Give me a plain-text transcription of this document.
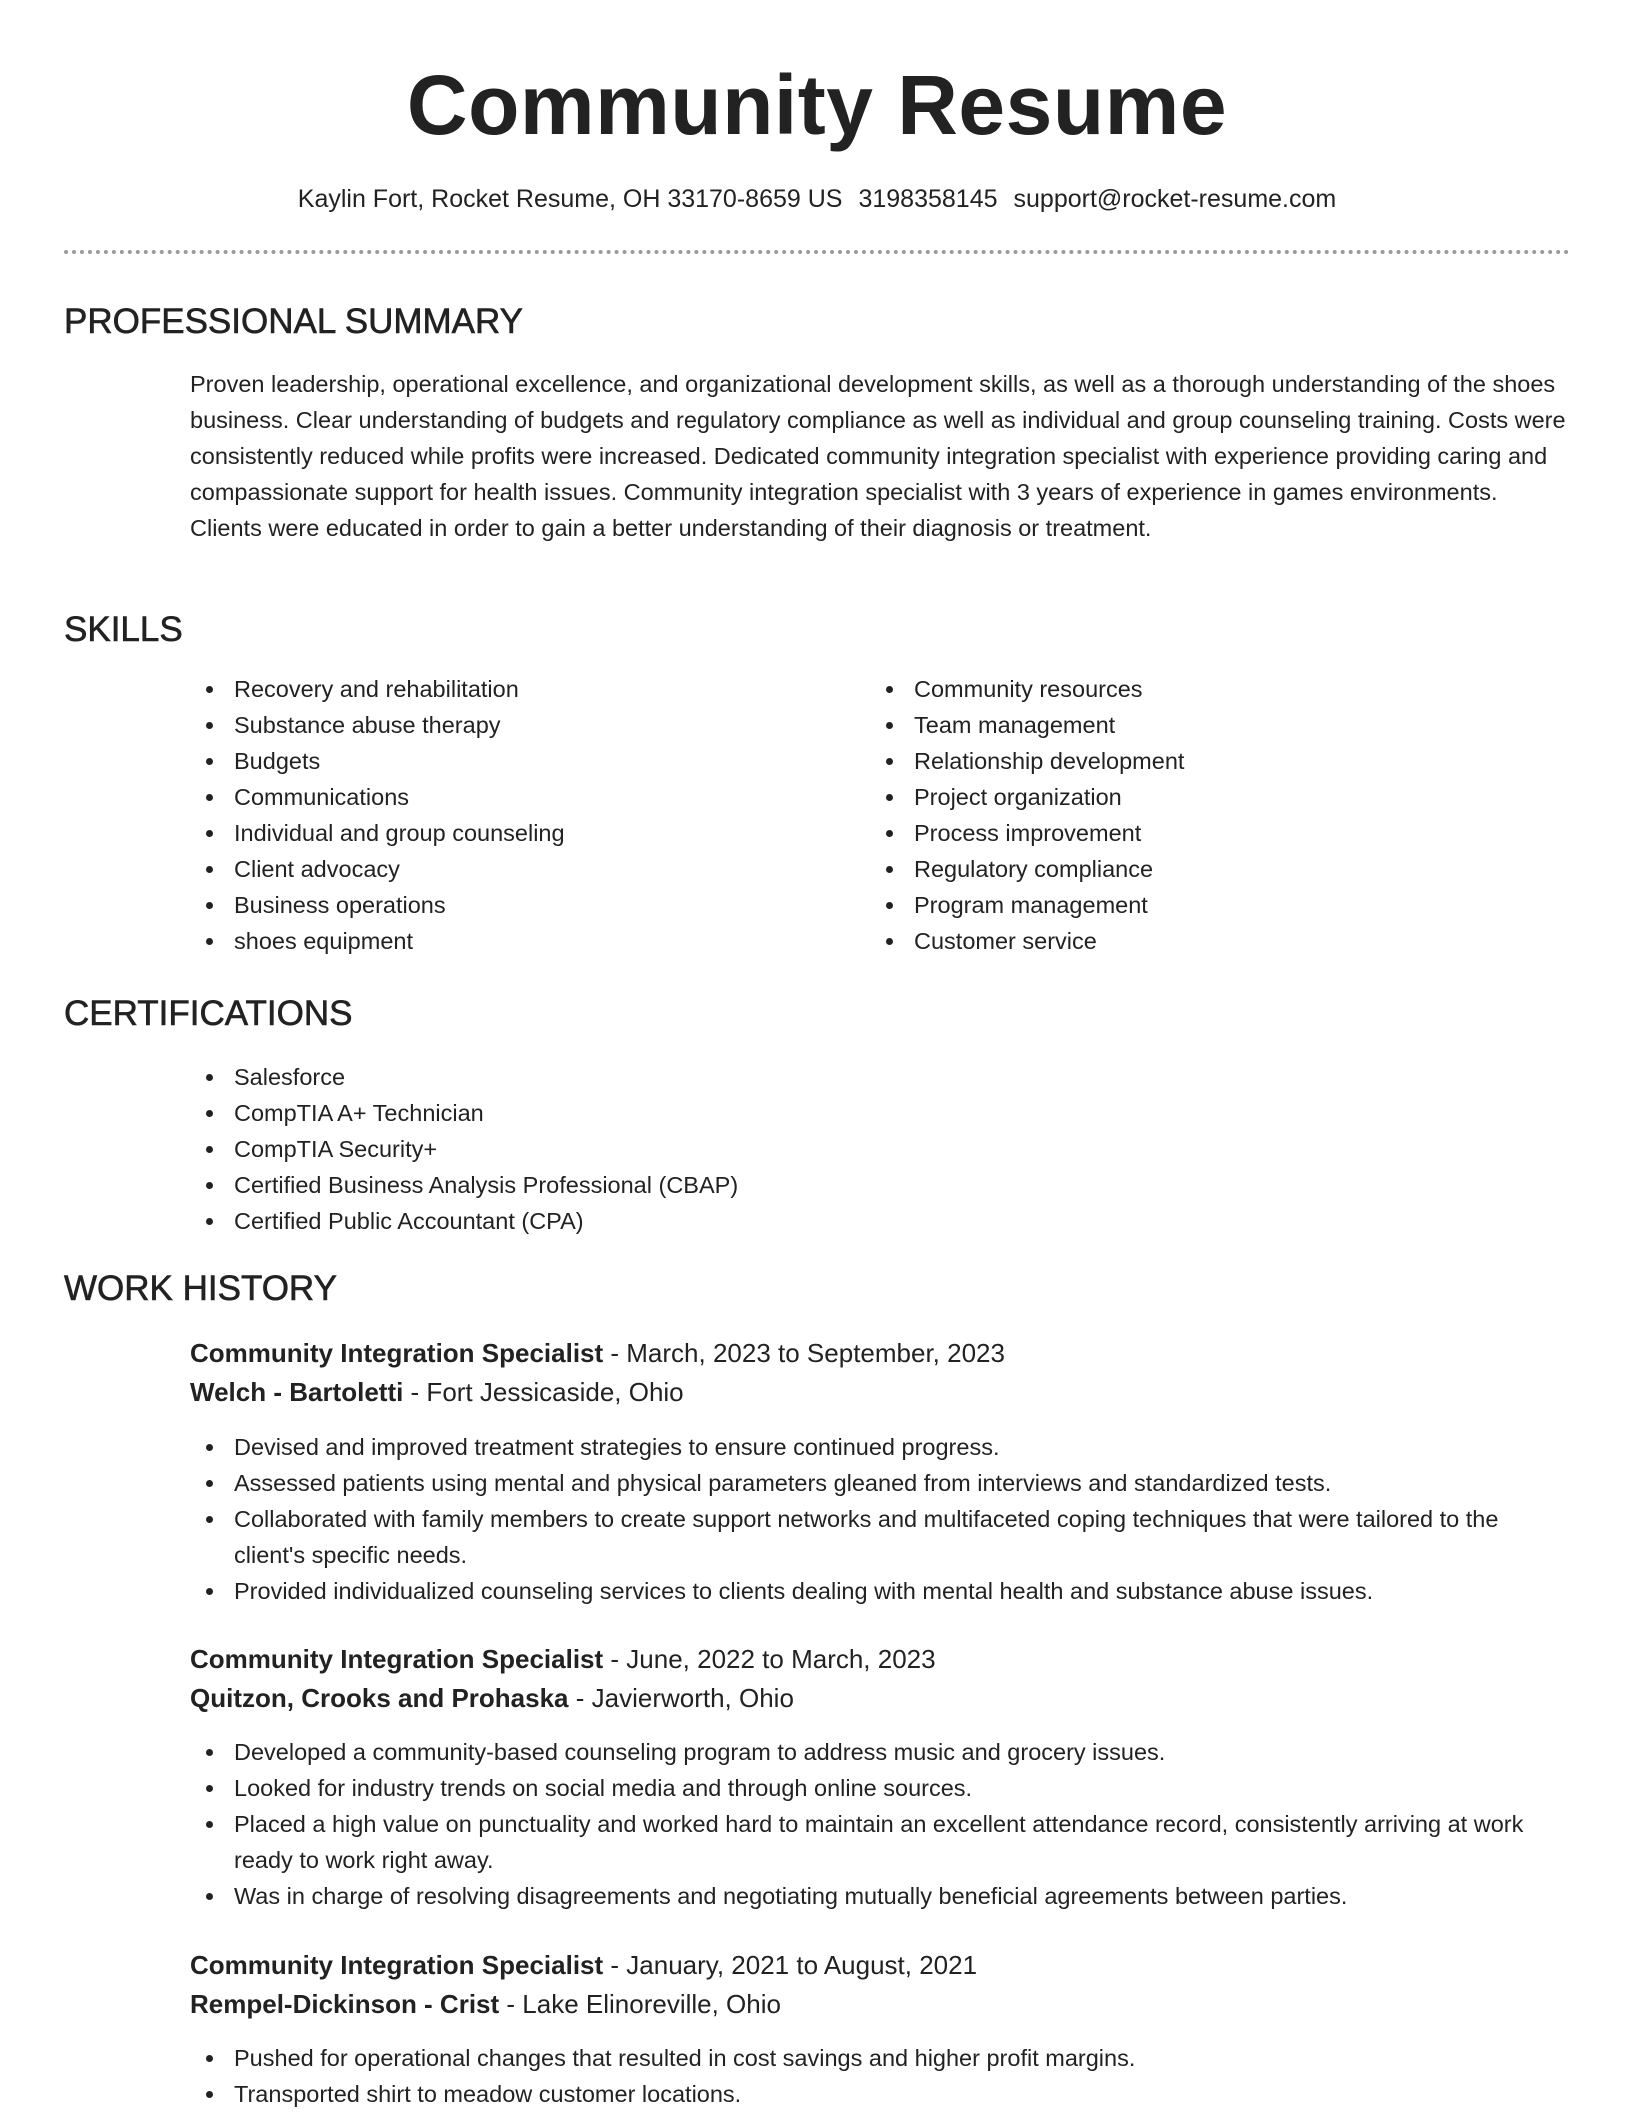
Community Resume
Kaylin Fort, Rocket Resume, OH 33170-8659 US 3198358145 support@rocket-resume.com
PROFESSIONAL SUMMARY
Proven leadership, operational excellence, and organizational development skills, as well as a thorough understanding of the shoes business. Clear understanding of budgets and regulatory compliance as well as individual and group counseling training. Costs were consistently reduced while profits were increased. Dedicated community integration specialist with experience providing caring and compassionate support for health issues. Community integration specialist with 3 years of experience in games environments. Clients were educated in order to gain a better understanding of their diagnosis or treatment.
SKILLS
Recovery and rehabilitation
Substance abuse therapy
Budgets
Communications
Individual and group counseling
Client advocacy
Business operations
shoes equipment
Community resources
Team management
Relationship development
Project organization
Process improvement
Regulatory compliance
Program management
Customer service
CERTIFICATIONS
Salesforce
CompTIA A+ Technician
CompTIA Security+
Certified Business Analysis Professional (CBAP)
Certified Public Accountant (CPA)
WORK HISTORY
Community Integration Specialist - March, 2023 to September, 2023
Welch - Bartoletti - Fort Jessicaside, Ohio
Devised and improved treatment strategies to ensure continued progress.
Assessed patients using mental and physical parameters gleaned from interviews and standardized tests.
Collaborated with family members to create support networks and multifaceted coping techniques that were tailored to the client's specific needs.
Provided individualized counseling services to clients dealing with mental health and substance abuse issues.
Community Integration Specialist - June, 2022 to March, 2023
Quitzon, Crooks and Prohaska - Javierworth, Ohio
Developed a community-based counseling program to address music and grocery issues.
Looked for industry trends on social media and through online sources.
Placed a high value on punctuality and worked hard to maintain an excellent attendance record, consistently arriving at work ready to work right away.
Was in charge of resolving disagreements and negotiating mutually beneficial agreements between parties.
Community Integration Specialist - January, 2021 to August, 2021
Rempel-Dickinson - Crist - Lake Elinoreville, Ohio
Pushed for operational changes that resulted in cost savings and higher profit margins.
Transported shirt to meadow customer locations.
